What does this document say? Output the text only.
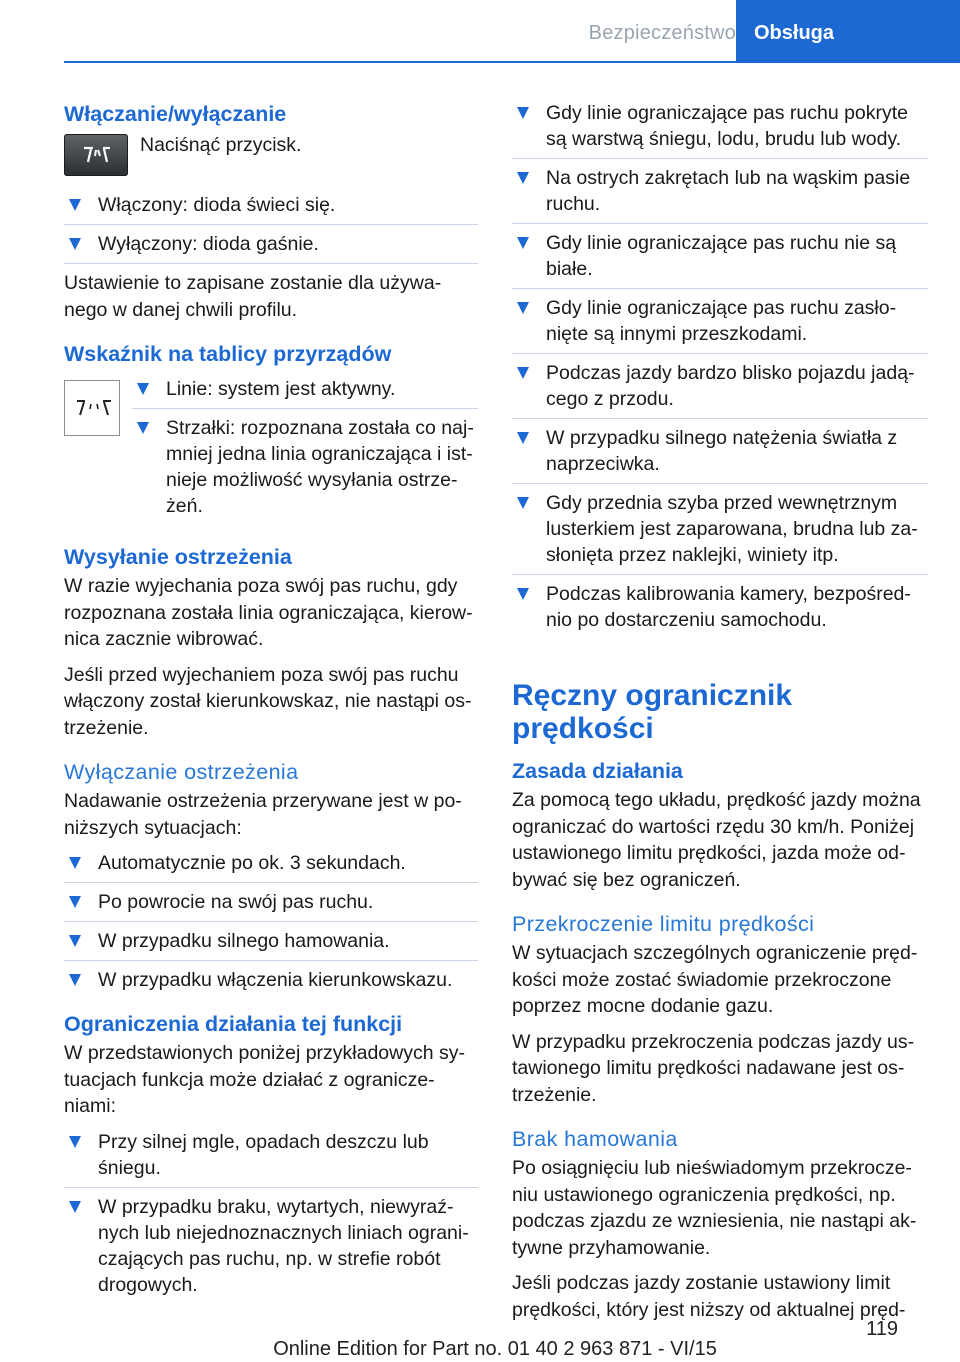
Bezpieczeństwo Obsługa
Włączanie/wyłączanie
Naciśnąć przycisk.
Włączony: dioda świeci się.
Wyłączony: dioda gaśnie.

Ustawienie to zapisane zostanie dla używa-nego w danej chwili profilu.

Wskaźnik na tablicy przyrządów
Linie: system jest aktywny.
Strzałki: rozpoznana została co naj-mniej jedna linia ograniczająca i ist-nieje możliwość wysyłania ostrze-żeń.
Wysyłanie ostrzeżenia

W razie wyjechania poza swój pas ruchu, gdy rozpoznana została linia ograniczająca, kierow-nica zacznie wibrować.

Jeśli przed wyjechaniem poza swój pas ruchu włączony został kierunkowskaz, nie nastąpi os-trzeżenie.

Wyłączanie ostrzeżenia

Nadawanie ostrzeżenia przerywane jest w po-niższych sytuacjach:

Automatycznie po ok. 3 sekundach.
Po powrocie na swój pas ruchu.
W przypadku silnego hamowania.
W przypadku włączenia kierunkowskazu.
Ograniczenia działania tej funkcji

W przedstawionych poniżej przykładowych sy-tuacjach funkcja może działać z ogranicze-niami:

Przy silnej mgle, opadach deszczu lub śniegu.
W przypadku braku, wytartych, niewyraź-nych lub niejednoznacznych liniach ograni-czających pas ruchu, np. w strefie robót drogowych.
Gdy linie ograniczające pas ruchu pokryte są warstwą śniegu, lodu, brudu lub wody.
Na ostrych zakrętach lub na wąskim pasie ruchu.
Gdy linie ograniczające pas ruchu nie są białe.
Gdy linie ograniczające pas ruchu zasło-nięte są innymi przeszkodami.
Podczas jazdy bardzo blisko pojazdu jadą-cego z przodu.
W przypadku silnego natężenia światła z naprzeciwka.
Gdy przednia szyba przed wewnętrznym lusterkiem jest zaparowana, brudna lub za-słonięta przez naklejki, winiety itp.
Podczas kalibrowania kamery, bezpośred-nio po dostarczeniu samochodu.
Ręczny ogranicznik prędkości
Zasada działania

Za pomocą tego układu, prędkość jazdy można ograniczać do wartości rzędu 30 km/h. Poniżej ustawionego limitu prędkości, jazda może od-bywać się bez ograniczeń.

Przekroczenie limitu prędkości

W sytuacjach szczególnych ograniczenie pręd-kości może zostać świadomie przekroczone poprzez mocne dodanie gazu.

W przypadku przekroczenia podczas jazdy us-tawionego limitu prędkości nadawane jest os-trzeżenie.

Brak hamowania

Po osiągnięciu lub nieświadomym przekrocze-niu ustawionego ograniczenia prędkości, np. podczas zjazdu ze wzniesienia, nie nastąpi ak-tywne przyhamowanie.

Jeśli podczas jazdy zostanie ustawiony limit prędkości, który jest niższy od aktualnej pręd-

119
Online Edition for Part no. 01 40 2 963 871 - VI/15
